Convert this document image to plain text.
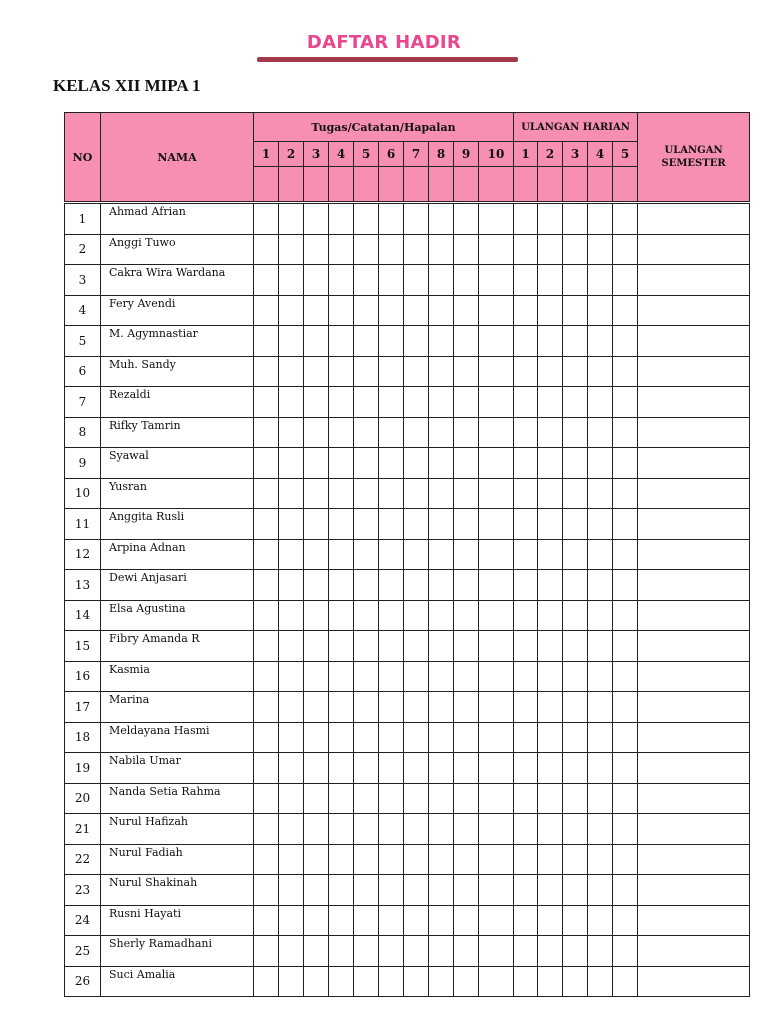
DAFTAR HADIR
KELAS XII MIPA 1
NO	NAMA	Tugas/Catatan/Hapalan										ULANGAN HARIAN					ULANGAN SEMESTER
		1	2	3	4	5	6	7	8	9	10	1	2	3	4	5	

1	Ahmad Afrian																
2	Anggi Tuwo																
3	Cakra Wira Wardana																
4	Fery Avendi																
5	M. Agymnastiar																
6	Muh. Sandy																
7	Rezaldi																
8	Rifky Tamrin																
9	Syawal																
10	Yusran																
11	Anggita Rusli																
12	Arpina Adnan																
13	Dewi Anjasari																
14	Elsa Agustina																
15	Fibry Amanda R																
16	Kasmia																
17	Marina																
18	Meldayana Hasmi																
19	Nabila Umar																
20	Nanda Setia Rahma																
21	Nurul Hafizah																
22	Nurul Fadiah																
23	Nurul Shakinah																
24	Rusni Hayati																
25	Sherly Ramadhani																
26	Suci Amalia																
